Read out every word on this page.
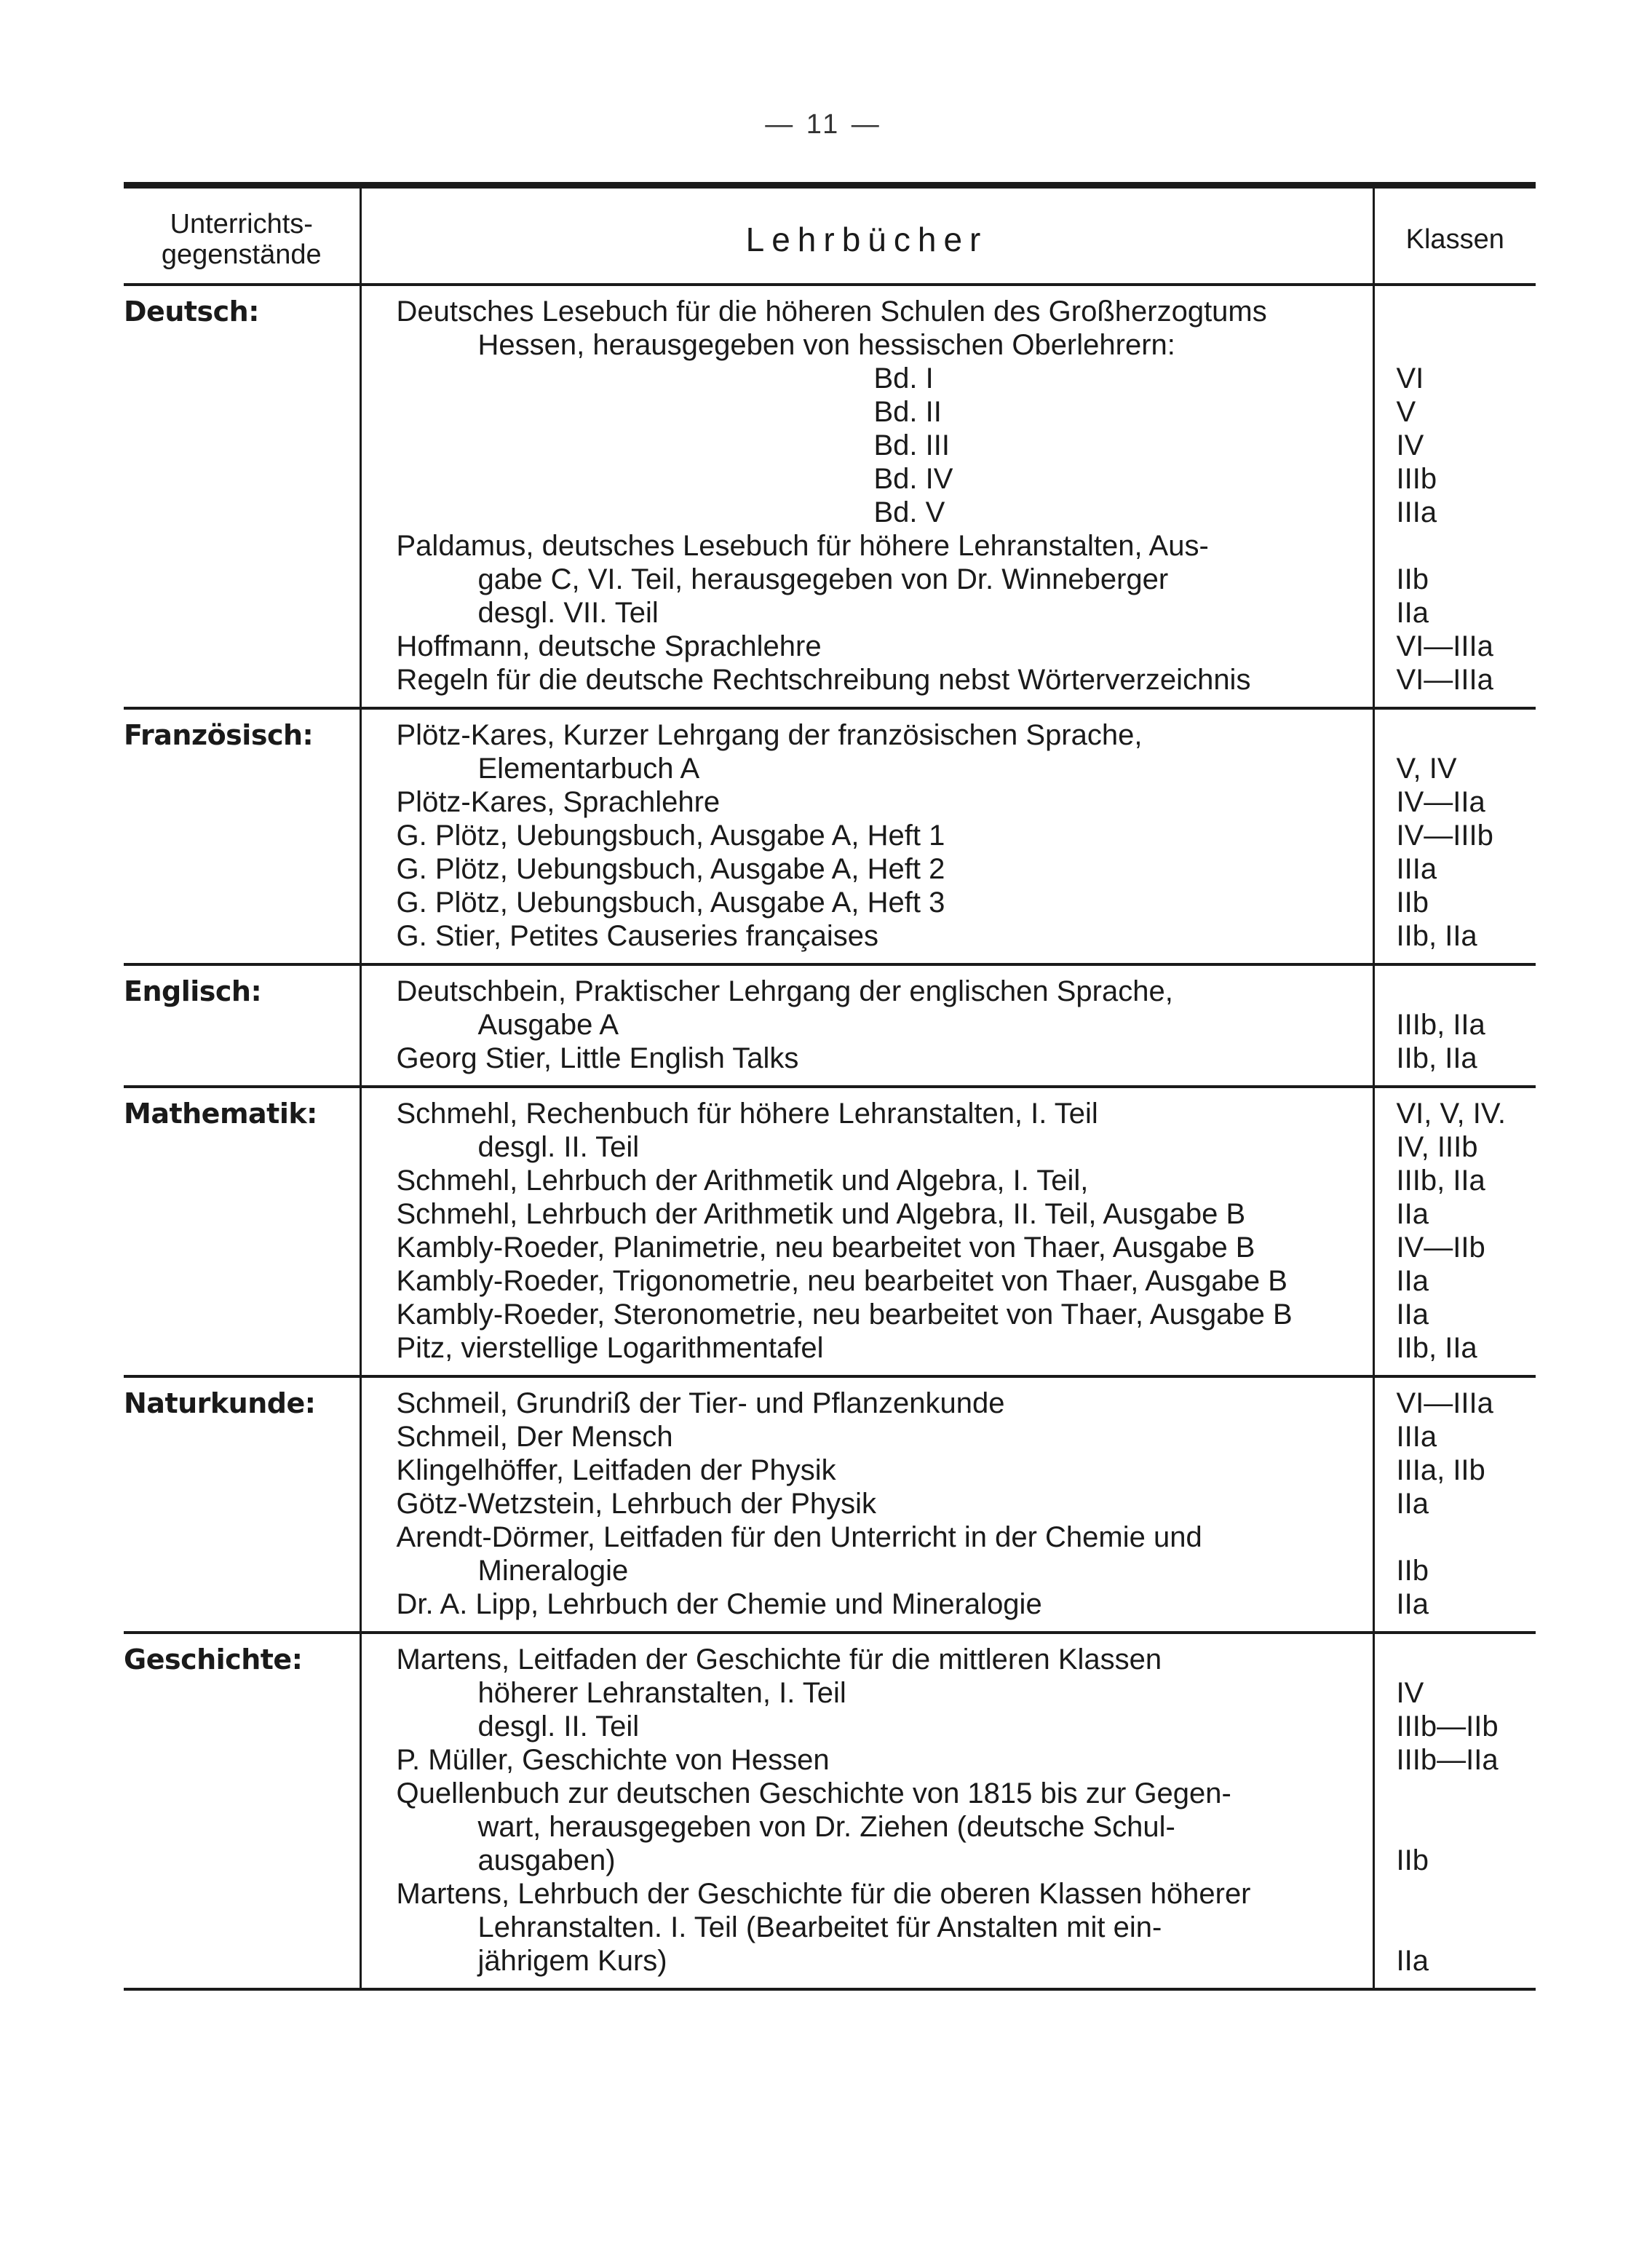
— 11 —
Unterrichts-
gegenstände	Lehrbücher	Klassen
Deutsch:	Deutsches Lesebuch für die höheren Schulen des Großherzogtums	
	Hessen, herausgegeben von hessischen Oberlehrern:	
	Bd. I	VI
	Bd. II	V
	Bd. III	IV
	Bd. IV	IIIb
	Bd. V	IIIa
	Paldamus, deutsches Lesebuch für höhere Lehranstalten, Aus-	
	gabe C, VI. Teil, herausgegeben von Dr. Winneberger	IIb
	desgl. VII. Teil	IIa
	Hoffmann, deutsche Sprachlehre	VI—IIIa
	Regeln für die deutsche Rechtschreibung nebst Wörterverzeichnis	VI—IIIa
Französisch:	Plötz-Kares, Kurzer Lehrgang der französischen Sprache,	
	Elementarbuch A	V, IV
	Plötz-Kares, Sprachlehre	IV—IIa
	G. Plötz, Uebungsbuch, Ausgabe A, Heft 1	IV—IIIb
	G. Plötz, Uebungsbuch, Ausgabe A, Heft 2	IIIa
	G. Plötz, Uebungsbuch, Ausgabe A, Heft 3	IIb
	G. Stier, Petites Causeries françaises	IIb, IIa
Englisch:	Deutschbein, Praktischer Lehrgang der englischen Sprache,	
	Ausgabe A	IIIb, IIa
	Georg Stier, Little English Talks	IIb, IIa
Mathematik:	Schmehl, Rechenbuch für höhere Lehranstalten, I. Teil	VI, V, IV.
	desgl. II. Teil	IV, IIIb
	Schmehl, Lehrbuch der Arithmetik und Algebra, I. Teil,	IIIb, IIa
	Schmehl, Lehrbuch der Arithmetik und Algebra, II. Teil, Ausgabe B	IIa
	Kambly-Roeder, Planimetrie, neu bearbeitet von Thaer, Ausgabe B	IV—IIb
	Kambly-Roeder, Trigonometrie, neu bearbeitet von Thaer, Ausgabe B	IIa
	Kambly-Roeder, Steronometrie, neu bearbeitet von Thaer, Ausgabe B	IIa
	Pitz, vierstellige Logarithmentafel	IIb, IIa
Naturkunde:	Schmeil, Grundriß der Tier- und Pflanzenkunde	VI—IIIa
	Schmeil, Der Mensch	IIIa
	Klingelhöffer, Leitfaden der Physik	IIIa, IIb
	Götz-Wetzstein, Lehrbuch der Physik	IIa
	Arendt-Dörmer, Leitfaden für den Unterricht in der Chemie und	
	Mineralogie	IIb
	Dr. A. Lipp, Lehrbuch der Chemie und Mineralogie	IIa
Geschichte:	Martens, Leitfaden der Geschichte für die mittleren Klassen	
	höherer Lehranstalten, I. Teil	IV
	desgl. II. Teil	IIIb—IIb
	P. Müller, Geschichte von Hessen	IIIb—IIa
	Quellenbuch zur deutschen Geschichte von 1815 bis zur Gegen-	
	wart, herausgegeben von Dr. Ziehen (deutsche Schul-	
	ausgaben)	IIb
	Martens, Lehrbuch der Geschichte für die oberen Klassen höherer	
	Lehranstalten. I. Teil (Bearbeitet für Anstalten mit ein-	
	jährigem Kurs)	IIa
